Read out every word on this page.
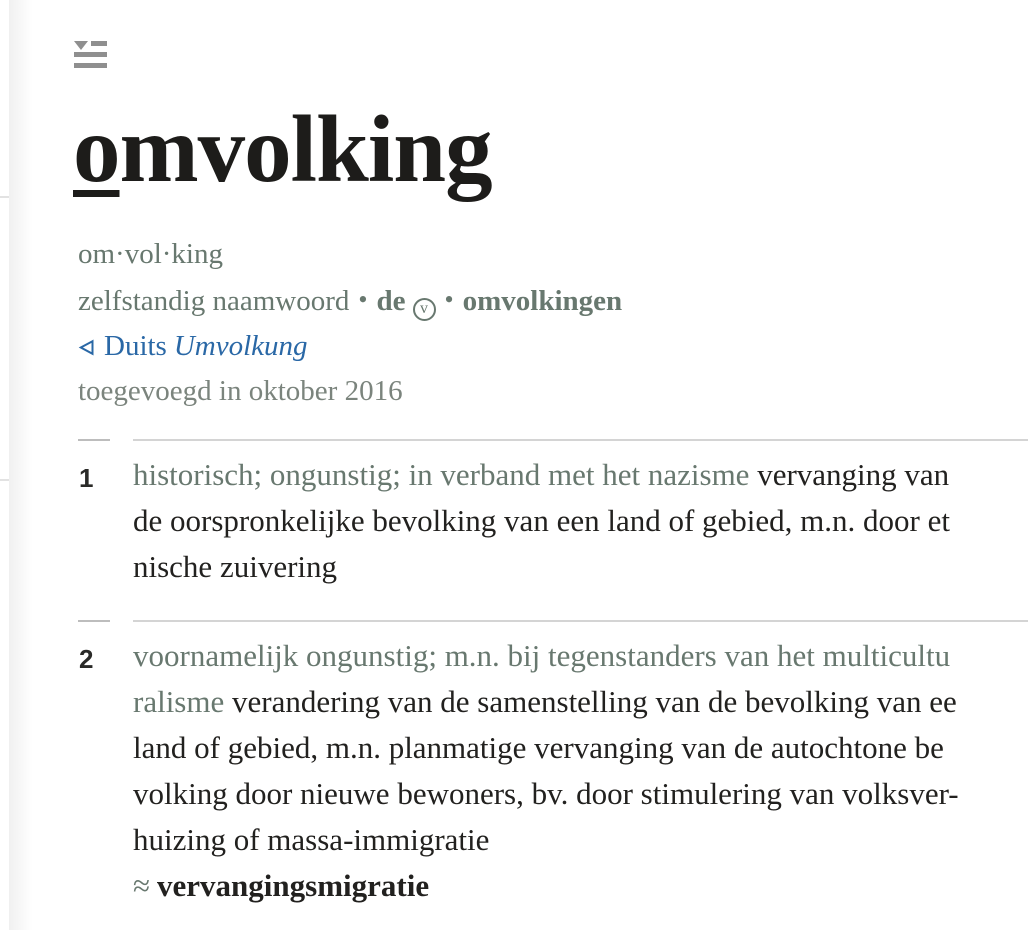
omvolking
om·vol·king
zelfstandig naamwoord • de v • omvolkingen
Duits Umvolkung
toegevoegd in oktober 2016
1 historisch; ongunstig; in verband met het nazisme vervanging van
de oorspronkelijke bevolking van een land of gebied, m.n. door et
nische zuivering
2 voornamelijk ongunstig; m.n. bij tegenstanders van het multicultu
ralisme verandering van de samenstelling van de bevolking van ee
land of gebied, m.n. planmatige vervanging van de autochtone be
volking door nieuwe bewoners, bv. door stimulering van volksver-
huizing of massa-immigratie
≈ vervangingsmigratie
